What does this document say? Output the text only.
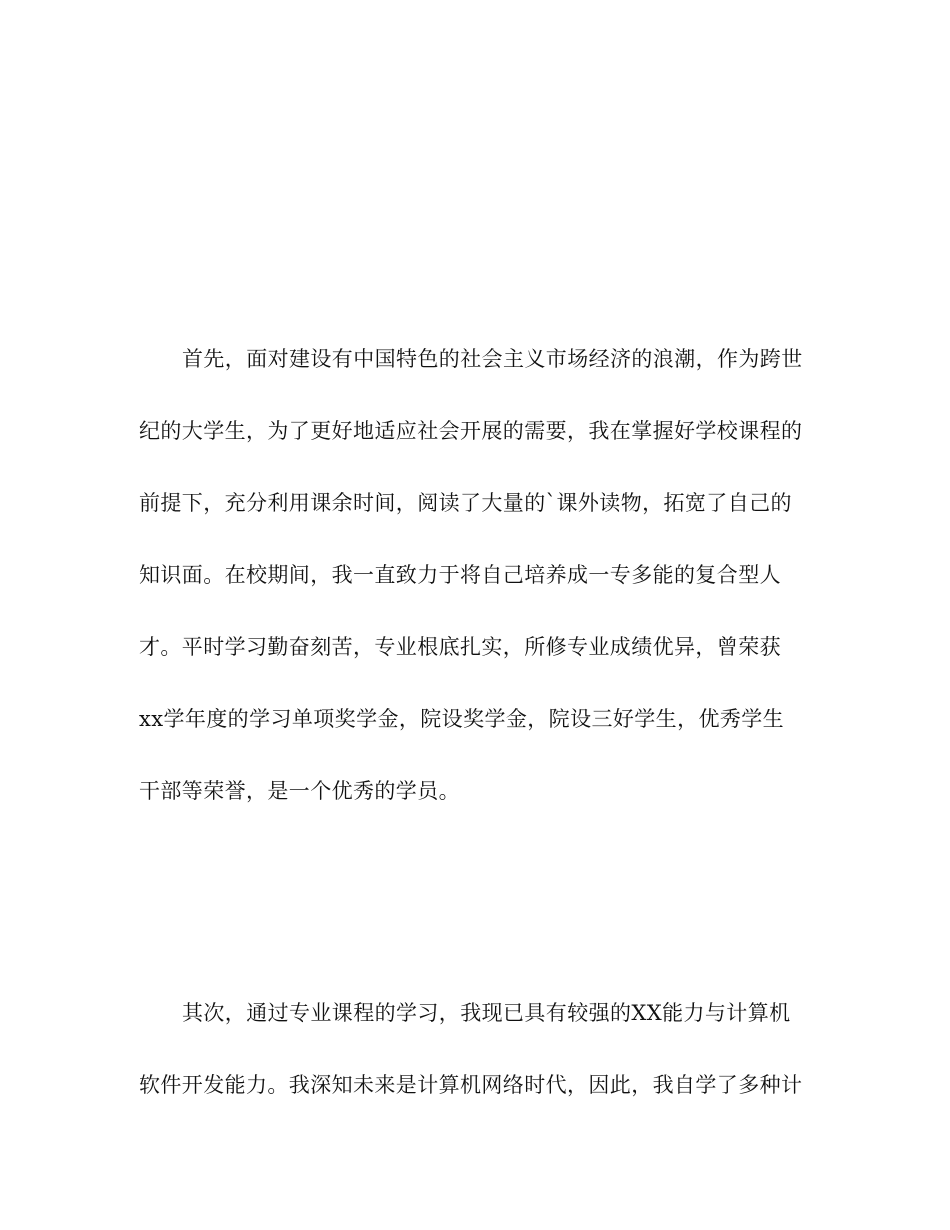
首先，面对建设有中国特色的社会主义市场经济的浪潮，作为跨世
纪的大学生，为了更好地适应社会开展的需要，我在掌握好学校课程的
前提下，充分利用课余时间，阅读了大量的`课外读物，拓宽了自己的
知识面。在校期间，我一直致力于将自己培养成一专多能的复合型人
才。平时学习勤奋刻苦，专业根底扎实，所修专业成绩优异，曾荣获
xx学年度的学习单项奖学金，院设奖学金，院设三好学生，优秀学生
干部等荣誉，是一个优秀的学员。
其次，通过专业课程的学习，我现已具有较强的XX能力与计算机
软件开发能力。我深知未来是计算机网络时代，因此，我自学了多种计
